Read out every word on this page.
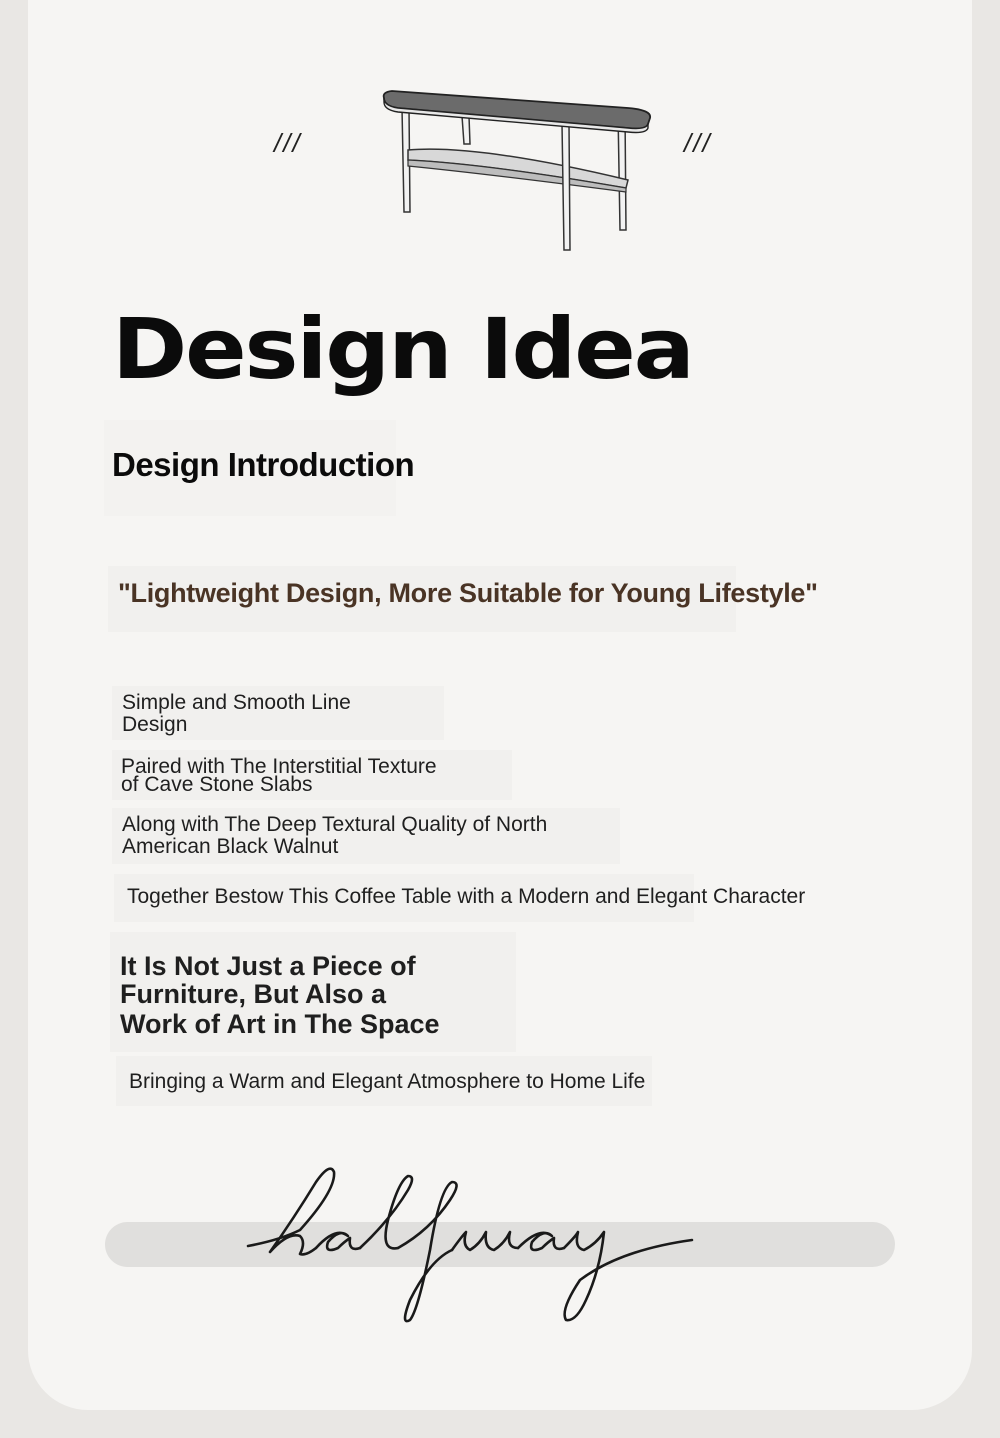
///	///
Design Idea
Design Introduction
"Lightweight Design, More Suitable for Young Lifestyle"
Simple and Smooth Line
Design
Paired with The Interstitial Texture
of Cave Stone Slabs
Along with The Deep Textural Quality of North
American Black Walnut
Together Bestow This Coffee Table with a Modern and Elegant Character
It Is Not Just a Piece of
Furniture, But Also a
Work of Art in The Space
Bringing a Warm and Elegant Atmosphere to Home Life
